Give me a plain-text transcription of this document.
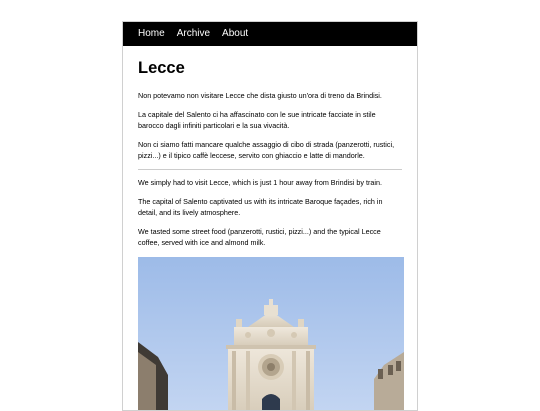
Home Archive About
Lecce

Non potevamo non visitare Lecce che dista giusto un'ora di treno da Brindisi.

La capitale del Salento ci ha affascinato con le sue intricate facciate in stile barocco dagli infiniti particolari e la sua vivacità.

Non ci siamo fatti mancare qualche assaggio di cibo di strada (panzerotti, rustici, pizzi...) e il tipico caffè leccese, servito con ghiaccio e latte di mandorle.

We simply had to visit Lecce, which is just 1 hour away from Brindisi by train.

The capital of Salento captivated us with its intricate Baroque façades, rich in detail, and its lively atmosphere.

We tasted some street food (panzerotti, rustici, pizzi...) and the typical Lecce coffee, served with ice and almond milk.
